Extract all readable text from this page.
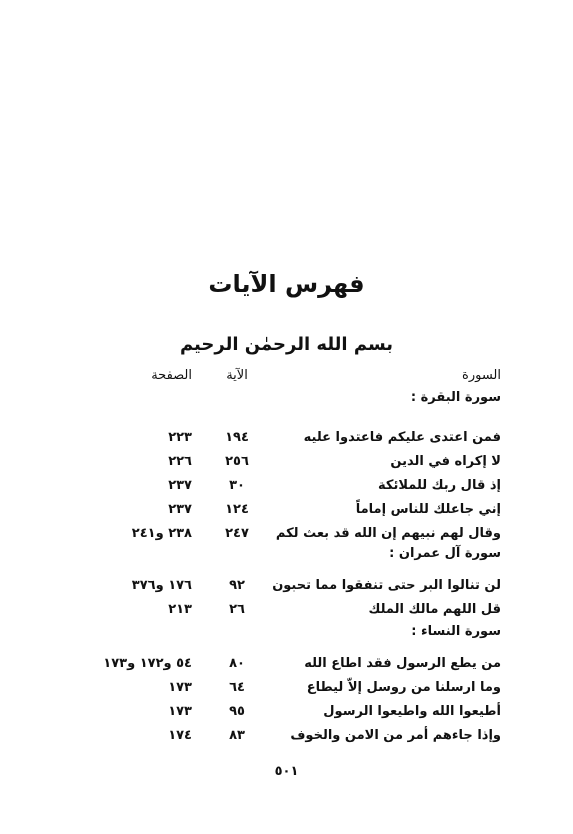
فهرس الآيات
بسم الله الرحمٰن الرحيم
السورة
الآية
الصفحة
سورة البقرة :
فمن اعتدى عليكم فاعتدوا عليه
١٩٤
٢٢٣
لا إكراه في الدين
٢٥٦
٢٢٦
إذ قال ربك للملائكة
٣٠
٢٣٧
إني جاعلك للناس إماماً
١٢٤
٢٣٧
وقال لهم نبيهم إن الله قد بعث لكم
٢٤٧
٢٣٨ و٢٤١
سورة آل عمران :
لن تنالوا البر حتى تنفقوا مما تحبون
٩٢
١٧٦ و٣٧٦
قل اللهم مالك الملك
٢٦
٢١٣
سورة النساء :
من يطع الرسول فقد اطاع الله
٨٠
٥٤ و١٧٢ و١٧٣
وما ارسلنا من روسل إلاّ ليطاع
٦٤
١٧٣
أطيعوا الله واطيعوا الرسول
٩٥
١٧٣
وإذا جاءهم أمر من الامن والخوف
٨٣
١٧٤
٥٠١
